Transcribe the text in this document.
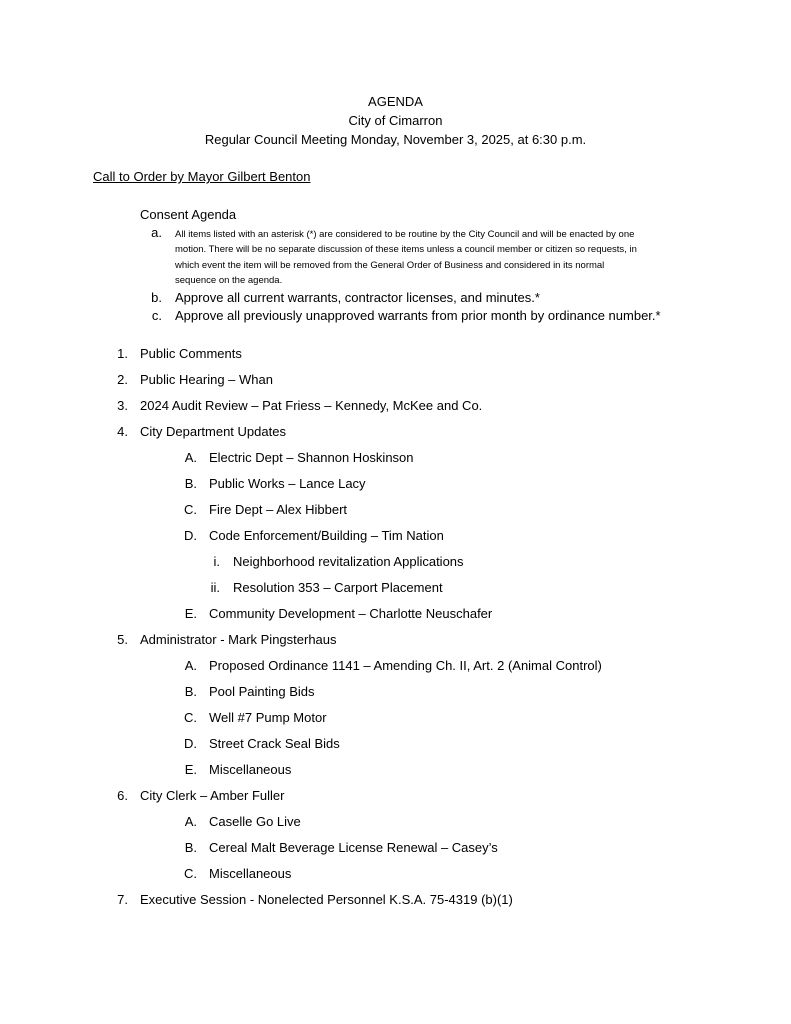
AGENDA
City of Cimarron
Regular Council Meeting Monday, November 3, 2025, at 6:30 p.m.
Call to Order by Mayor Gilbert Benton
Consent Agenda
a. All items listed with an asterisk (*) are considered to be routine by the City Council and will be enacted by one
motion. There will be no separate discussion of these items unless a council member or citizen so requests, in
which event the item will be removed from the General Order of Business and considered in its normal
sequence on the agenda.
b. Approve all current warrants, contractor licenses, and minutes.*
c. Approve all previously unapproved warrants from prior month by ordinance number.*
1. Public Comments
2. Public Hearing – Whan
3. 2024 Audit Review – Pat Friess – Kennedy, McKee and Co.
4. City Department Updates
A. Electric Dept – Shannon Hoskinson
B. Public Works – Lance Lacy
C. Fire Dept – Alex Hibbert
D. Code Enforcement/Building – Tim Nation
i. Neighborhood revitalization Applications
ii. Resolution 353 – Carport Placement
E. Community Development – Charlotte Neuschafer
5. Administrator - Mark Pingsterhaus
A. Proposed Ordinance 1141 – Amending Ch. II, Art. 2 (Animal Control)
B. Pool Painting Bids
C. Well #7 Pump Motor
D. Street Crack Seal Bids
E. Miscellaneous
6. City Clerk – Amber Fuller
A. Caselle Go Live
B. Cereal Malt Beverage License Renewal – Casey’s
C. Miscellaneous
7. Executive Session - Nonelected Personnel K.S.A. 75-4319 (b)(1)
